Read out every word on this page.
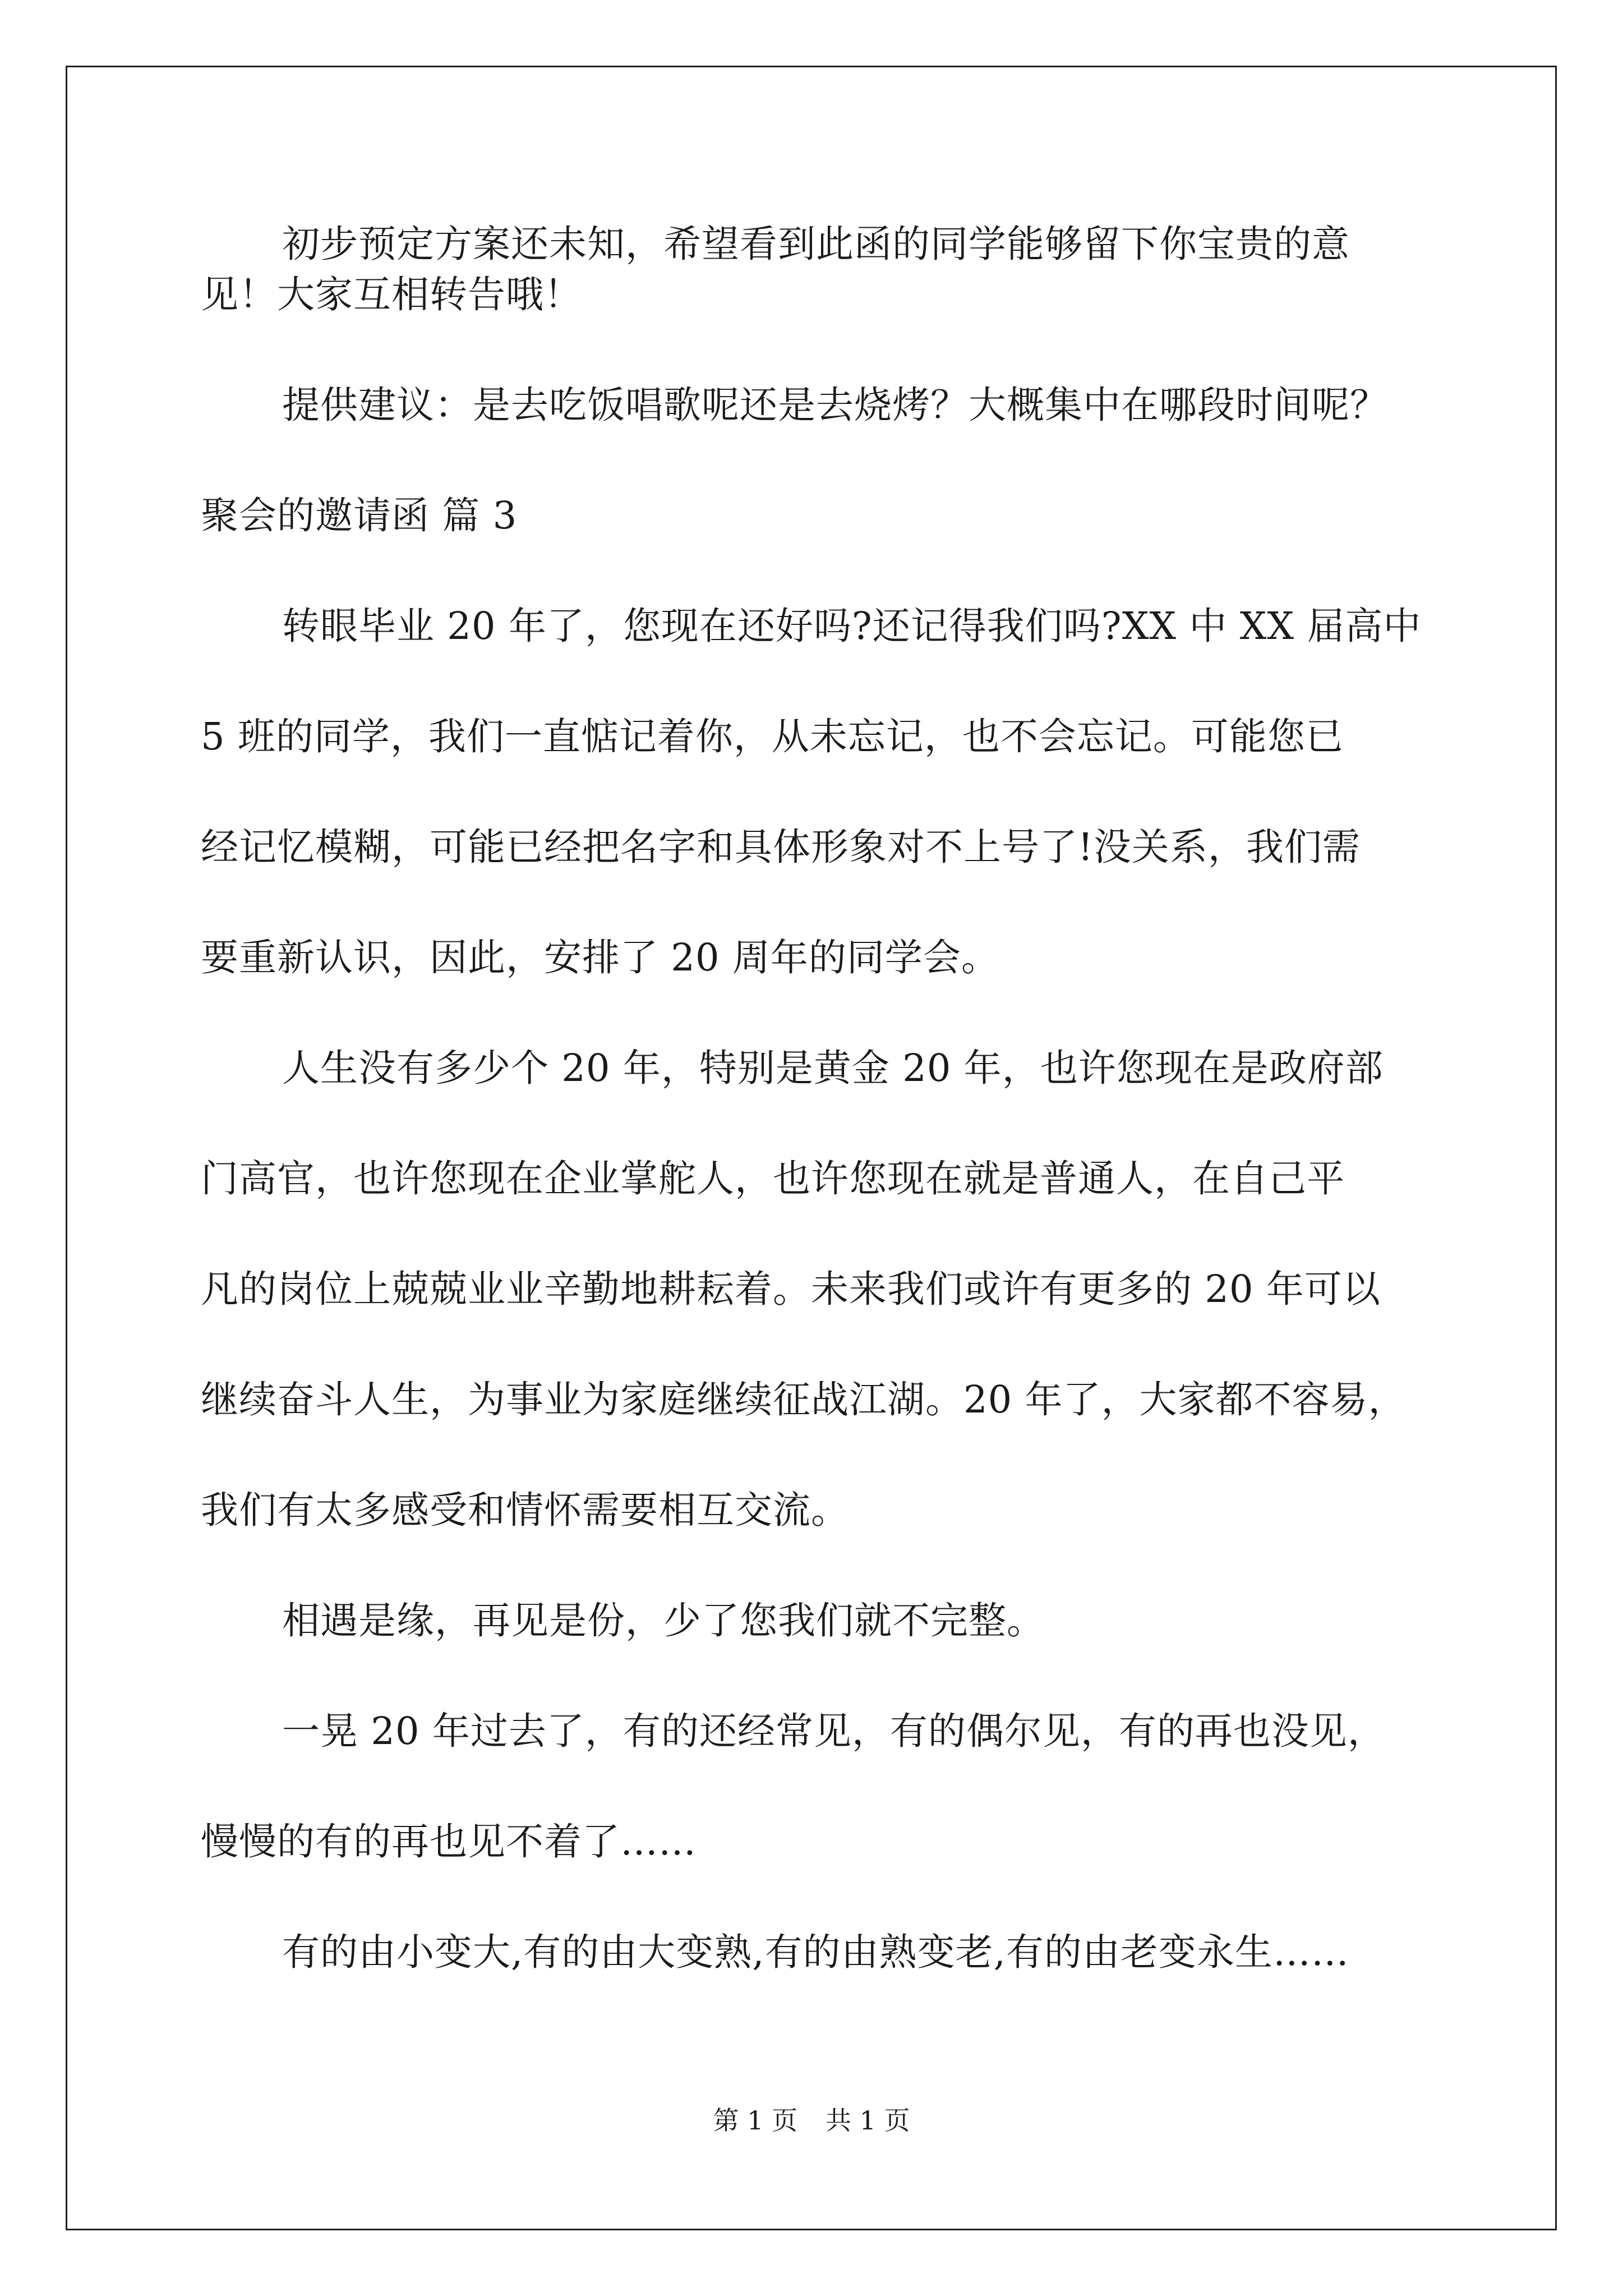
初步预定方案还未知，希望看到此函的同学能够留下你宝贵的意
见！大家互相转告哦！
提供建议：是去吃饭唱歌呢还是去烧烤？大概集中在哪段时间呢？
聚会的邀请函 篇 3
转眼毕业 20 年了，您现在还好吗?还记得我们吗?XX 中 XX 届高中
5 班的同学，我们一直惦记着你，从未忘记，也不会忘记。可能您已
经记忆模糊，可能已经把名字和具体形象对不上号了!没关系，我们需
要重新认识，因此，安排了 20 周年的同学会。
人生没有多少个 20 年，特别是黄金 20 年，也许您现在是政府部
门高官，也许您现在企业掌舵人，也许您现在就是普通人，在自己平
凡的岗位上兢兢业业辛勤地耕耘着。未来我们或许有更多的 20 年可以
继续奋斗人生，为事业为家庭继续征战江湖。20 年了，大家都不容易，
我们有太多感受和情怀需要相互交流。
相遇是缘，再见是份，少了您我们就不完整。
一晃 20 年过去了，有的还经常见，有的偶尔见，有的再也没见，
慢慢的有的再也见不着了……
有的由小变大,有的由大变熟,有的由熟变老,有的由老变永生……
第 1 页 共 1 页
